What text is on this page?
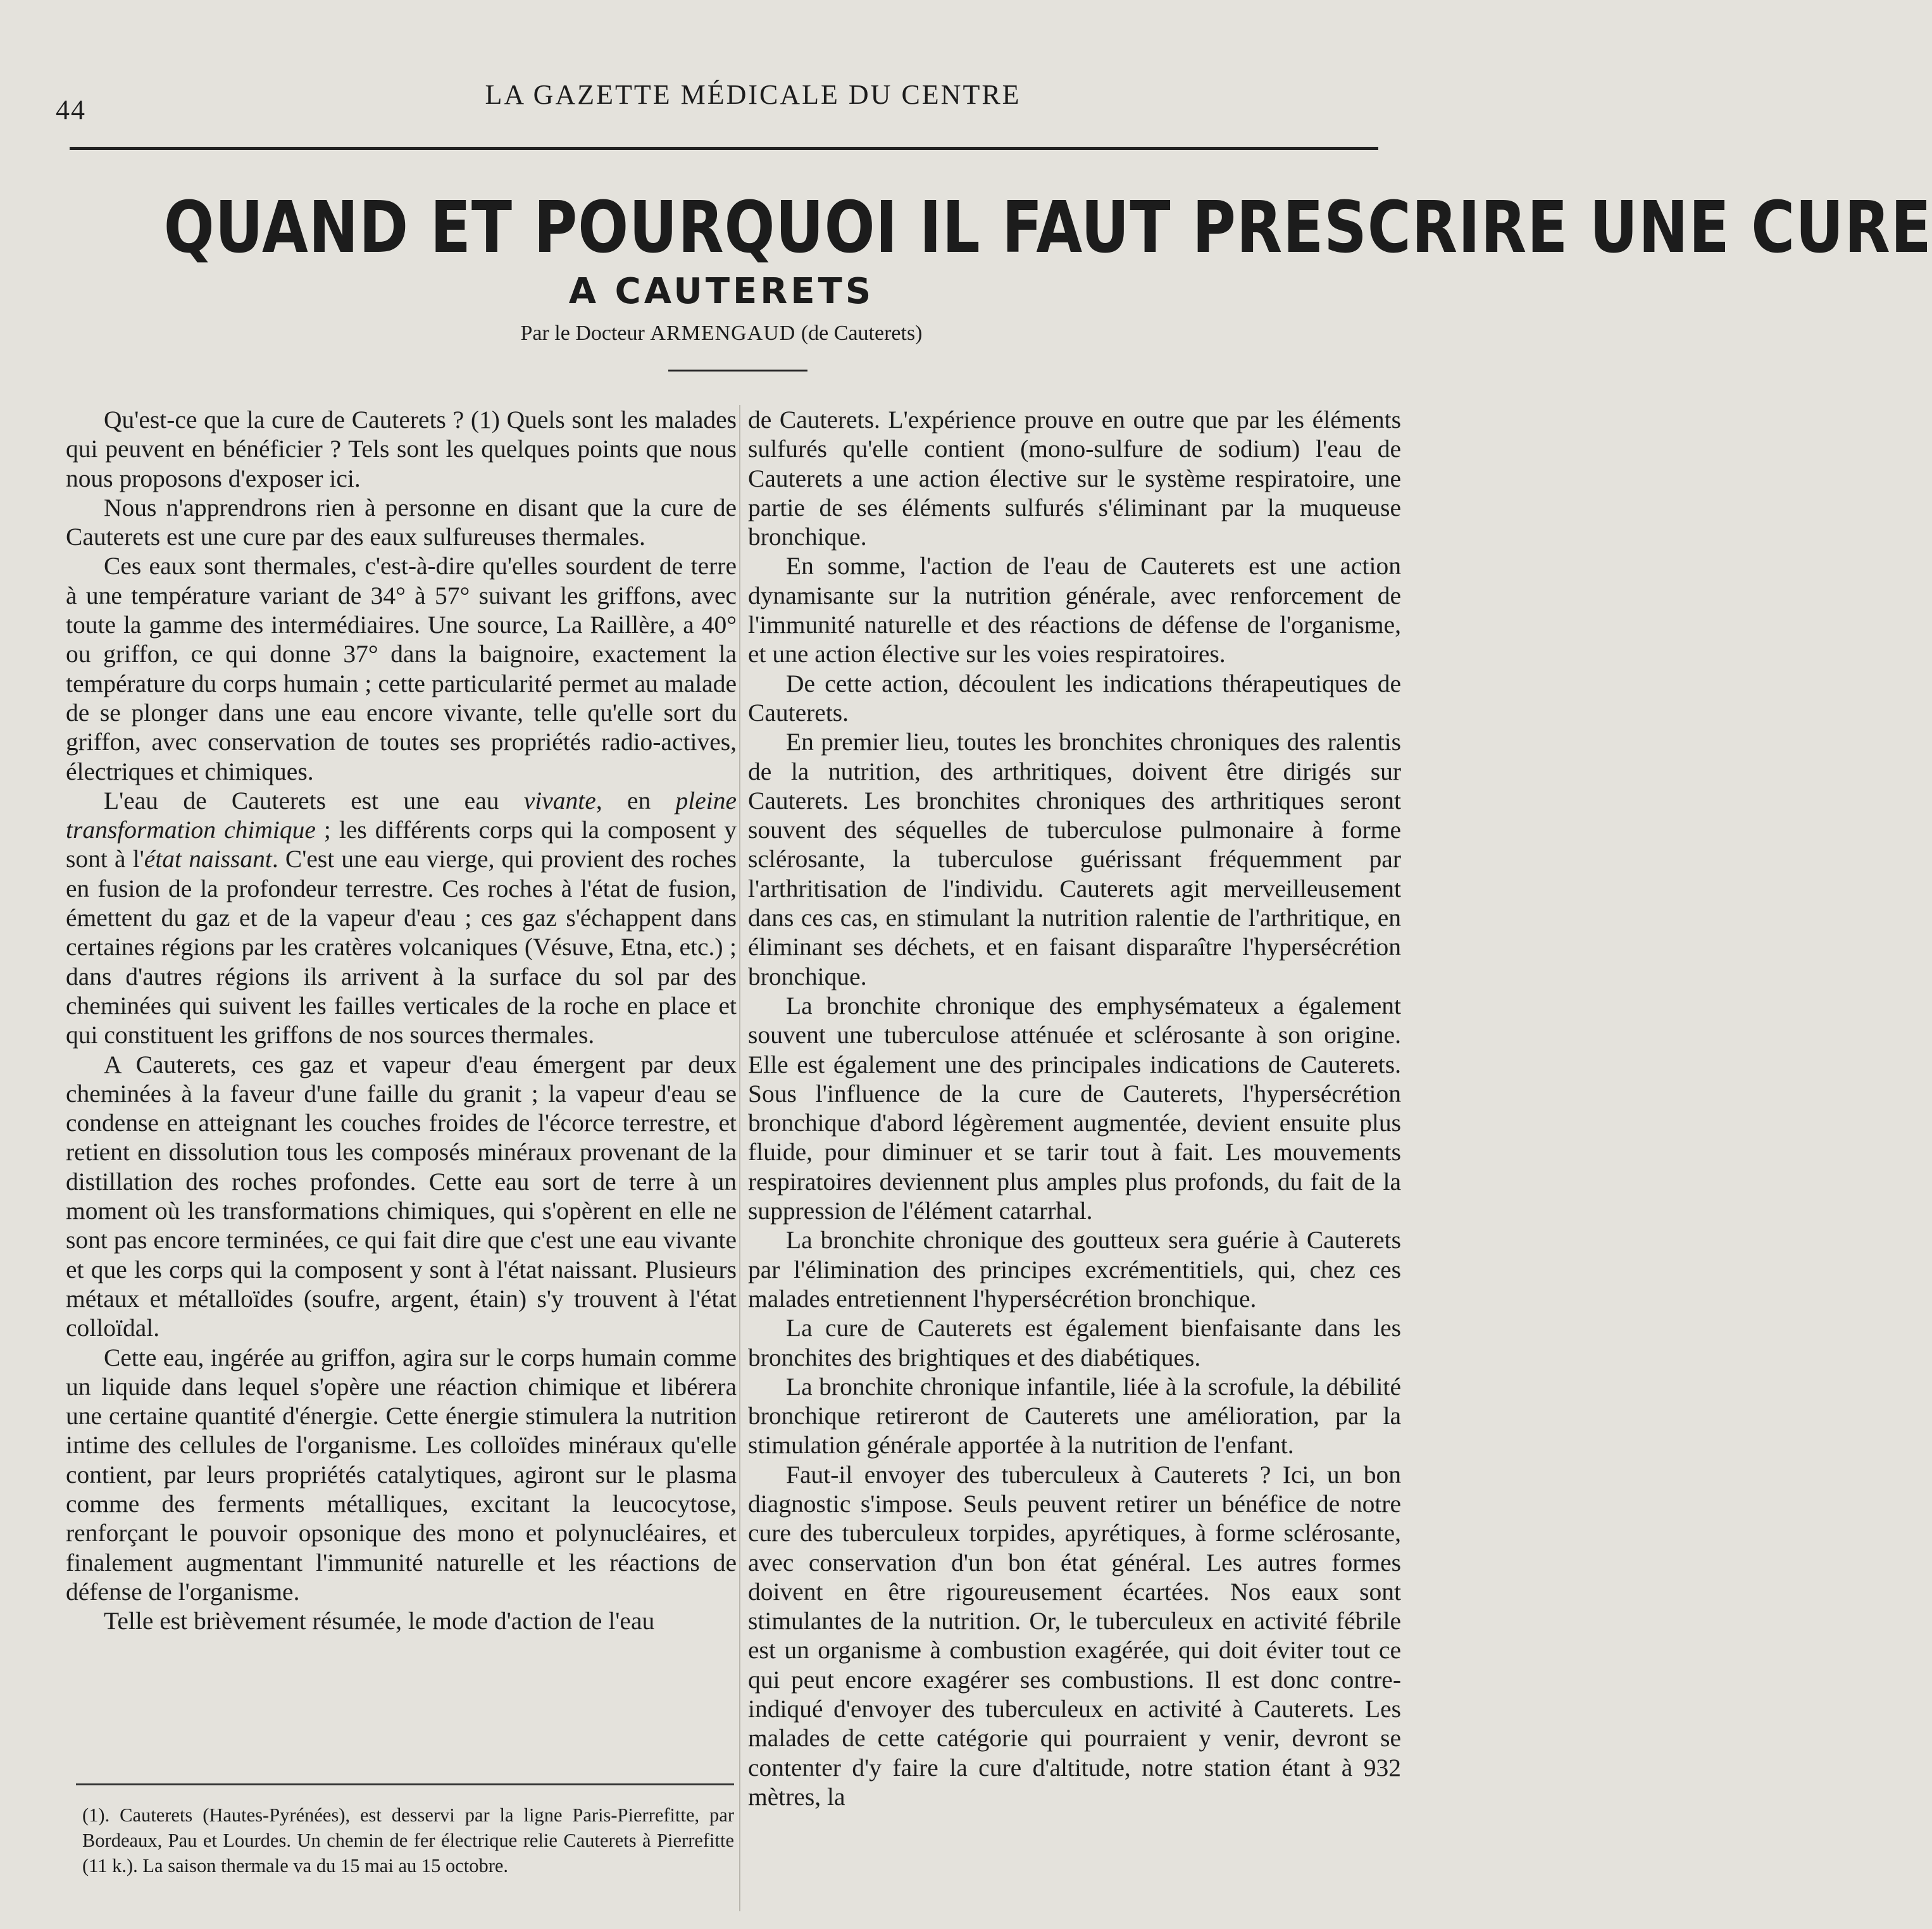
44	LA GAZETTE MÉDICALE DU CENTRE
QUAND ET POURQUOI IL FAUT PRESCRIRE UNE CURE
A CAUTERETS
Par le Docteur ARMENGAUD (de Cauterets)

Qu'est-ce que la cure de Cauterets ? (1) Quels sont les malades qui peuvent en bénéficier ? Tels sont les quelques points que nous nous proposons d'exposer ici.

Nous n'apprendrons rien à personne en disant que la cure de Cauterets est une cure par des eaux sulfureuses thermales.

Ces eaux sont thermales, c'est-à-dire qu'elles sourdent de terre à une température variant de 34° à 57° suivant les griffons, avec toute la gamme des intermédiaires. Une source, La Raillère, a 40° ou griffon, ce qui donne 37° dans la baignoire, exactement la température du corps humain ; cette particularité permet au malade de se plonger dans une eau encore vivante, telle qu'elle sort du griffon, avec conservation de toutes ses propriétés radio-actives, électriques et chimiques.

L'eau de Cauterets est une eau vivante, en pleine transformation chimique ; les différents corps qui la composent y sont à l'état naissant. C'est une eau vierge, qui provient des roches en fusion de la profondeur terrestre. Ces roches à l'état de fusion, émettent du gaz et de la vapeur d'eau ; ces gaz s'échappent dans certaines régions par les cratères volcaniques (Vésuve, Etna, etc.) ; dans d'autres régions ils arrivent à la surface du sol par des cheminées qui suivent les failles verticales de la roche en place et qui constituent les griffons de nos sources thermales.

A Cauterets, ces gaz et vapeur d'eau émergent par deux cheminées à la faveur d'une faille du granit ; la vapeur d'eau se condense en atteignant les couches froides de l'écorce terrestre, et retient en dissolution tous les composés minéraux provenant de la distillation des roches profondes. Cette eau sort de terre à un moment où les transformations chimiques, qui s'opèrent en elle ne sont pas encore terminées, ce qui fait dire que c'est une eau vivante et que les corps qui la composent y sont à l'état naissant. Plusieurs métaux et métalloïdes (soufre, argent, étain) s'y trouvent à l'état colloïdal.

Cette eau, ingérée au griffon, agira sur le corps humain comme un liquide dans lequel s'opère une réaction chimique et libérera une certaine quantité d'énergie. Cette énergie stimulera la nutrition intime des cellules de l'organisme. Les colloïdes minéraux qu'elle contient, par leurs propriétés catalytiques, agiront sur le plasma comme des ferments métalliques, excitant la leucocytose, renforçant le pouvoir opsonique des mono et polynucléaires, et finalement augmentant l'immunité naturelle et les réactions de défense de l'organisme.

Telle est brièvement résumée, le mode d'action de l'eau

de Cauterets. L'expérience prouve en outre que par les éléments sulfurés qu'elle contient (mono-sulfure de sodium) l'eau de Cauterets a une action élective sur le système respiratoire, une partie de ses éléments sulfurés s'éliminant par la muqueuse bronchique.

En somme, l'action de l'eau de Cauterets est une action dynamisante sur la nutrition générale, avec renforcement de l'immunité naturelle et des réactions de défense de l'organisme, et une action élective sur les voies respiratoires.

De cette action, découlent les indications thérapeutiques de Cauterets.

En premier lieu, toutes les bronchites chroniques des ralentis de la nutrition, des arthritiques, doivent être dirigés sur Cauterets. Les bronchites chroniques des arthritiques seront souvent des séquelles de tuberculose pulmonaire à forme sclérosante, la tuberculose guérissant fréquemment par l'arthritisation de l'individu. Cauterets agit merveilleusement dans ces cas, en stimulant la nutrition ralentie de l'arthritique, en éliminant ses déchets, et en faisant disparaître l'hypersécrétion bronchique.

La bronchite chronique des emphysémateux a également souvent une tuberculose atténuée et sclérosante à son origine. Elle est également une des principales indications de Cauterets. Sous l'influence de la cure de Cauterets, l'hypersécrétion bronchique d'abord légèrement augmentée, devient ensuite plus fluide, pour diminuer et se tarir tout à fait. Les mouvements respiratoires deviennent plus amples plus profonds, du fait de la suppression de l'élément catarrhal.

La bronchite chronique des goutteux sera guérie à Cauterets par l'élimination des principes excrémentitiels, qui, chez ces malades entretiennent l'hypersécrétion bronchique.

La cure de Cauterets est également bienfaisante dans les bronchites des brightiques et des diabétiques.

La bronchite chronique infantile, liée à la scrofule, la débilité bronchique retireront de Cauterets une amélioration, par la stimulation générale apportée à la nutrition de l'enfant.

Faut-il envoyer des tuberculeux à Cauterets ? Ici, un bon diagnostic s'impose. Seuls peuvent retirer un bénéfice de notre cure des tuberculeux torpides, apyrétiques, à forme sclérosante, avec conservation d'un bon état général. Les autres formes doivent en être rigoureusement écartées. Nos eaux sont stimulantes de la nutrition. Or, le tuberculeux en activité fébrile est un organisme à combustion exagérée, qui doit éviter tout ce qui peut encore exagérer ses combustions. Il est donc contre-indiqué d'envoyer des tuberculeux en activité à Cauterets. Les malades de cette catégorie qui pourraient y venir, devront se contenter d'y faire la cure d'altitude, notre station étant à 932 mètres, la

(1). Cauterets (Hautes-Pyrénées), est desservi par la ligne Paris-Pierrefitte, par Bordeaux, Pau et Lourdes. Un chemin de fer électrique relie Cauterets à Pierrefitte (11 k.). La saison thermale va du 15 mai au 15 octobre.
